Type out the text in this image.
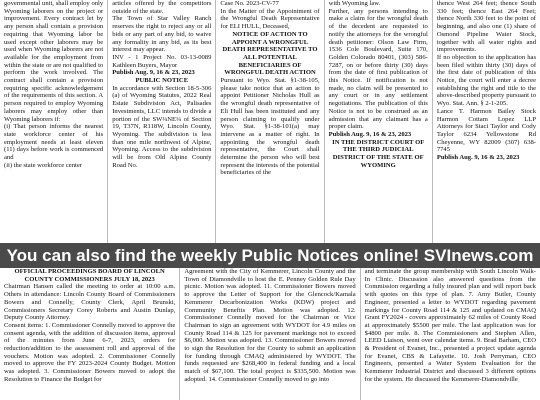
governmental unit, shall employ only Wyoming laborers on the project or improvement. Every contract let by any person shall contain a provision requiring that Wyoming labor be used except other laborers may be used when Wyoming laborers are not available for the employment from within the state or are not qualified to perform the work involved. The contract shall contain a provision requiring specific acknowledgement of the requirements of this section. A person required to employ Wyoming laborers may employ other than Wyoming laborers if:

(i) That person informs the nearest state workforce center of his employment needs at least eleven (11) days before work is commenced and

(ii) the state workforce center

articles offered by the competitors outside of the state.

The Town of Star Valley Ranch reserves the right to reject any or all bids or any part of any bid, to waive any formality in any bid, as its best interest may appear.

INV - 1 Project No. 03-13-0089 Kathleen Buyers, Mayor

Publish Aug. 9, 16 & 23, 2023

PUBLIC NOTICE

In accordance with Section 18-5-306 (a) of Wyoming Statutes, 2022 Real Estate Subdivision Act, Palisades Investments, LLC intends to divide a portion of the SW¼NE¼ of Section 19, T37N, R118W, Lincoln County, Wyoming. The subdivision is less than one mile northwest of Alpine, Wyoming. Access to the subdivision will be from Old Alpine County Road No.

Case No. 2023-CV-77

In the Matter of the Appointment of the Wrongful Death Representative for ELI HULL, Deceased,

NOTICE OF ACTION TO APPOINT A WRONGFUL DEATH REPRESENTATIVE TO ALL POTENTIAL BENEFICIARIES OF WRONGFUL DEATH ACTION

Pursuant to Wyo. Stat. §1-38-105, please take notice that an action to appoint Petitioner Nicholas Hull as the wrongful death representative of Eli Hull has been instituted and any person claiming to qualify under Wyo. Stat. §1-38-101(a) may intervene as a matter of right. In appointing the wrongful death representative, the Court shall determine the person who will best represent the interests of the potential beneficiaries of the

with Wyoming law.

Further, any persons intending to make a claim for the wrongful death of the decedent are requested to notify the attorneys for the wrongful death petitioner: Olson Law Firm, 1536 Cole Boulevard, Suite 170, Golden Colorado 80401, (303) 586-7287, on or before thirty (30) days from the date of first publication of this Notice. If notification is not made, no claim will be presented to any court or in any settlement negotiations. The publication of this Notice is not to be construed as an admission that any claimant has a proper claim.

Publish Aug. 9, 16 & 23, 2023

IN THE DISTRICT COURT OF THE THIRD JUDICIAL DISTRICT OF THE STATE OF WYOMING

thence West 264 feet; thence South 330 feet; thence East 264 Feet; thence North 330 feet to the point of beginning, and also one (1) share of Osmond Pipeline Water Stock, together with all water rights and improvements.

If no objection to the application has been filed within thirty (30) days of the first date of publication of this Notice, the court will enter a decree establishing the right and title to the above-described property pursuant to Wyo. Stat. Ann. § 2-1-205.

Lance T. Harmon Bailey Stock Harmon Cottam Lopez LLP Attorneys for Staci Taylor and Cody Taylor 6234 Yellowstone Rd Cheyenne, WY 82009 (307) 638-7745

Publish Aug. 9, 16 & 23, 2023

You can also find the weekly Public Notices online! SVInews.com

OFFICIAL PROCEEDINGS BOARD OF LINCOLN COUNTY COMMISSIONERS JULY 18, 2023

Chairman Hansen called the meeting to order at 10:00 a.m. Others in attendance: Lincoln County Board of Commissioners Bowers and Connelly, County Clerk, April Brunski, Commissioners Secretary Corey Roberts and Austin Dunlap, Deputy County Attorney.

Consent items: 1. Commissioner Connelly moved to approve the consent agenda, with the addition of discussion items, approval of the minutes from June 6-7, 2023, orders for reduction/addition to the assessment roll and approval of the vouchers. Motion was adopted. 2. Commissioner Connelly moved to approve the FY 2023-2024 County Budget. Motion was adopted. 3. Commissioner Bowers moved to adopt the Resolution to Finance the Budget for

Agreement with the City of Kemmerer, Lincoln County and the Town of Diamondville to host the E. Penney Golden Rule Day picnic. Motion was adopted. 11. Commissioner Bowers moved to approve the Letter of Support for the Glencock/Kamala Kemmerer Decarbonization Works (KDW) project and Community Benefits Plan. Motion was adopted. 12. Commissioner Connelly moved for the Chairman or Vice Chairman to sign an agreement with WYDOT for 4.9 miles on County Road 114 & 125 for pavement markings not to exceed $6,000. Motion was adopted. 13. Commissioner Bowers moved to sign the Resolution for the County to submit an application for funding through CMAQ administered by WYDOT. The funds requested are $268,400 in federal funding and a local match of $67,100. The total project is $335,500. Motion was adopted. 14. Commissioner Connelly moved to go into

and terminate the group membership with South Lincoln Walk-In Clinic. Discussion also answered questions from the Commission regarding a fully insured plan and will report back with quotes on this type of plan. 7. Amy Butler, County Engineer, presented a letter to WYDOT regarding pavement markings for County Road 114 & 125 and updated on CMAQ Grant FY2024 - covers approximately 62 miles of County Road at approximately $5500 per mile. The last application was for $4800 per mile. 8. The Commissioners and Stephen Allen, LEED Liaison, went over calendar items. 9. Brad Barham, CEO & President of Evanet, Inc., presented a project update agenda for Evanet, CBS & Lafayette. 10. Josh Perryman, CEO Engineers, presented a Water System Evaluation for the Kemmerer Industrial District and discussed 3 different options for the system. He discussed the Kemmerer-Diamondville
